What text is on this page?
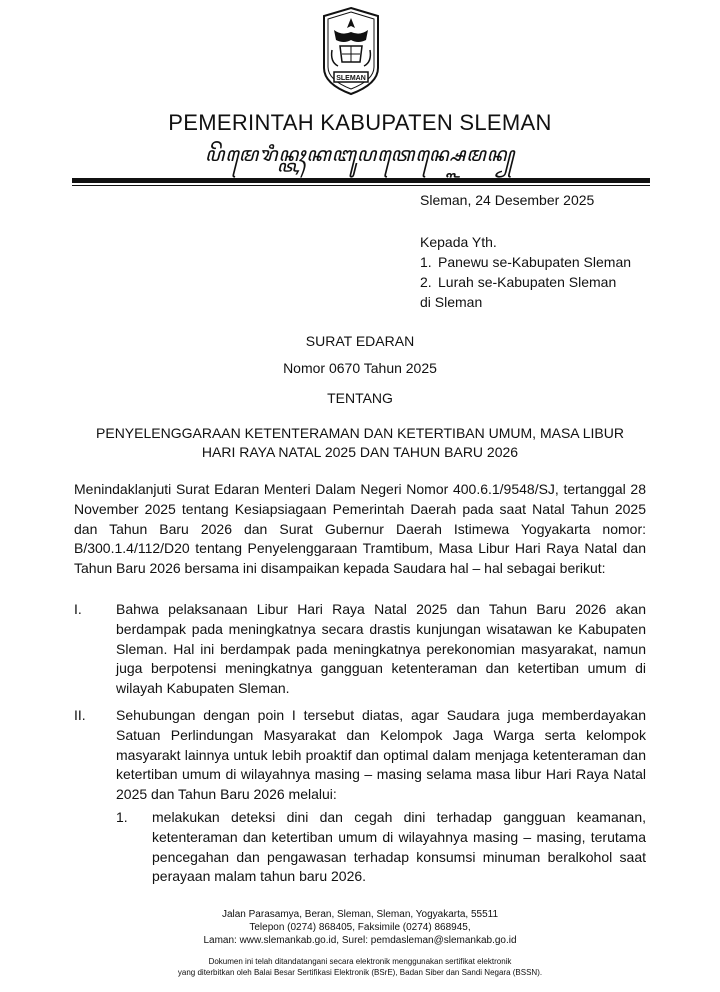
SLEMAN
PEMERINTAH KABUPATEN SLEMAN
ꦥꦼꦩꦺꦫꦶꦤ꧀ꦠꦃꦏꦧꦸꦥꦠꦺꦤ꧀ꦱ꧀ꦭꦺꦩꦤ꧀
Sleman, 24 Desember 2025
Kepada Yth.
1. Panewu se-Kabupaten Sleman
2. Lurah se-Kabupaten Sleman
di Sleman
SURAT EDARAN
Nomor 0670 Tahun 2025
TENTANG
PENYELENGGARAAN KETENTERAMAN DAN KETERTIBAN UMUM, MASA LIBUR
HARI RAYA NATAL 2025 DAN TAHUN BARU 2026
Menindaklanjuti Surat Edaran Menteri Dalam Negeri Nomor 400.6.1/9548/SJ, tertanggal 28 November 2025 tentang Kesiapsiagaan Pemerintah Daerah pada saat Natal Tahun 2025 dan Tahun Baru 2026 dan Surat Gubernur Daerah Istimewa Yogyakarta nomor: B/300.1.4/112/D20 tentang Penyelenggaraan Tramtibum, Masa Libur Hari Raya Natal dan Tahun Baru 2026 bersama ini disampaikan kepada Saudara hal – hal sebagai berikut:
I.	Bahwa pelaksanaan Libur Hari Raya Natal 2025 dan Tahun Baru 2026 akan berdampak pada meningkatnya secara drastis kunjungan wisatawan ke Kabupaten Sleman. Hal ini berdampak pada meningkatnya perekonomian masyarakat, namun juga berpotensi meningkatnya gangguan ketenteraman dan ketertiban umum di wilayah Kabupaten Sleman.
II.	Sehubungan dengan poin I tersebut diatas, agar Saudara juga memberdayakan Satuan Perlindungan Masyarakat dan Kelompok Jaga Warga serta kelompok masyarakt lainnya untuk lebih proaktif dan optimal dalam menjaga ketenteraman dan ketertiban umum di wilayahnya masing – masing selama masa libur Hari Raya Natal 2025 dan Tahun Baru 2026 melalui:
1.	melakukan deteksi dini dan cegah dini terhadap gangguan keamanan, ketenteraman dan ketertiban umum di wilayahnya masing – masing, terutama pencegahan dan pengawasan terhadap konsumsi minuman beralkohol saat perayaan malam tahun baru 2026.
Jalan Parasamya, Beran, Sleman, Sleman, Yogyakarta, 55511
Telepon (0274) 868405, Faksimile (0274) 868945,
Laman: www.slemankab.go.id, Surel: pemdasleman@slemankab.go.id
Dokumen ini telah ditandatangani secara elektronik menggunakan sertifikat elektronik
yang diterbitkan oleh Balai Besar Sertifikasi Elektronik (BSrE), Badan Siber dan Sandi Negara (BSSN).
